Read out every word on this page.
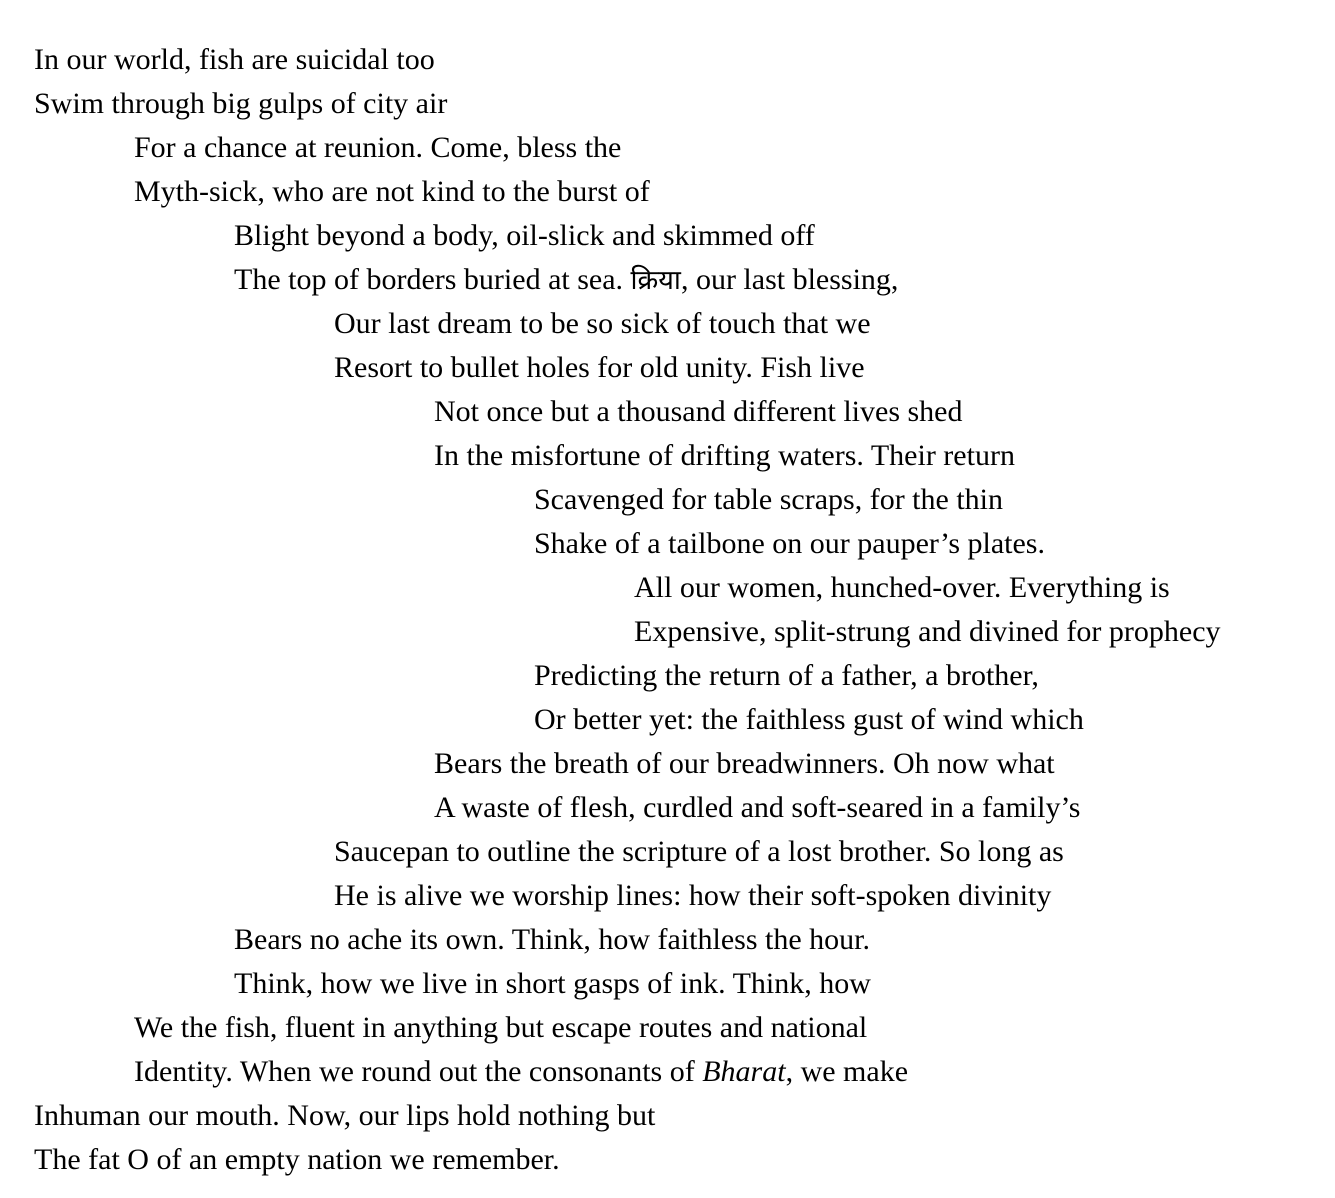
In our world, fish are suicidal too
Swim through big gulps of city air
For a chance at reunion. Come, bless the
Myth-sick, who are not kind to the burst of
Blight beyond a body, oil-slick and skimmed off
The top of borders buried at sea. क्रिया, our last blessing,
Our last dream to be so sick of touch that we
Resort to bullet holes for old unity. Fish live
Not once but a thousand different lives shed
In the misfortune of drifting waters. Their return
Scavenged for table scraps, for the thin
Shake of a tailbone on our pauper’s plates.
All our women, hunched-over. Everything is
Expensive, split-strung and divined for prophecy
Predicting the return of a father, a brother,
Or better yet: the faithless gust of wind which
Bears the breath of our breadwinners. Oh now what
A waste of flesh, curdled and soft-seared in a family’s
Saucepan to outline the scripture of a lost brother. So long as
He is alive we worship lines: how their soft-spoken divinity
Bears no ache its own. Think, how faithless the hour.
Think, how we live in short gasps of ink. Think, how
We the fish, fluent in anything but escape routes and national
Identity. When we round out the consonants of Bharat, we make
Inhuman our mouth. Now, our lips hold nothing but
The fat O of an empty nation we remember.
